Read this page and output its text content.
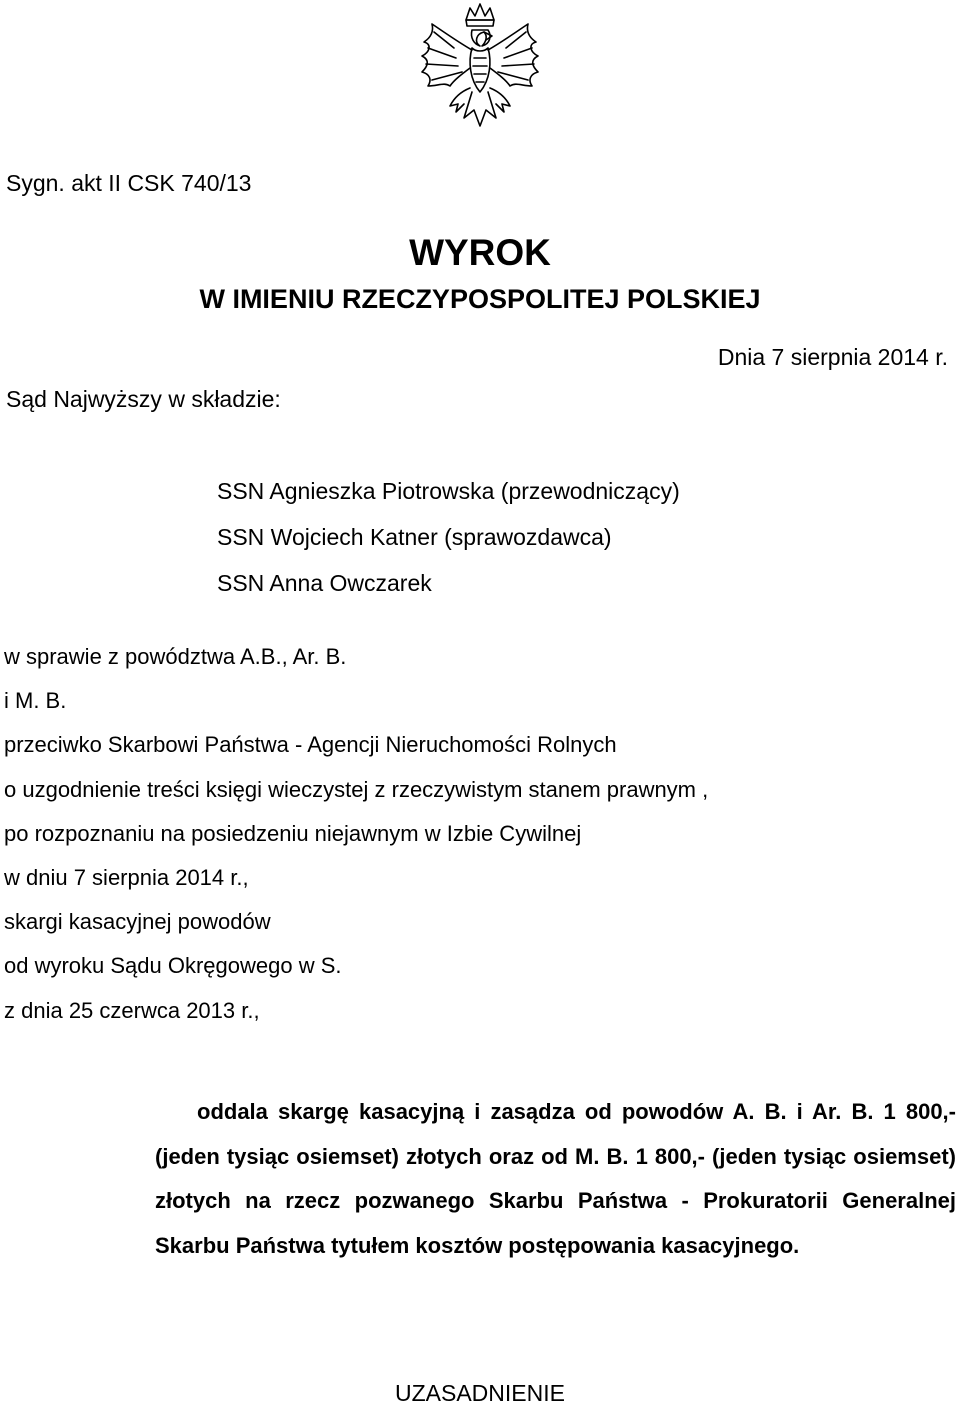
Sygn. akt II CSK 740/13
WYROK
W IMIENIU RZECZYPOSPOLITEJ POLSKIEJ
Dnia 7 sierpnia 2014 r.
Sąd Najwyższy w składzie:
SSN Agnieszka Piotrowska (przewodniczący)
SSN Wojciech Katner (sprawozdawca)
SSN Anna Owczarek
w sprawie z powództwa A.B., Ar. B.
i M. B.
przeciwko Skarbowi Państwa - Agencji Nieruchomości Rolnych
o uzgodnienie treści księgi wieczystej z rzeczywistym stanem prawnym ,
po rozpoznaniu na posiedzeniu niejawnym w Izbie Cywilnej
w dniu 7 sierpnia 2014 r.,
skargi kasacyjnej powodów
od wyroku Sądu Okręgowego w S.
z dnia 25 czerwca 2013 r.,
oddala skargę kasacyjną i zasądza od powodów A. B. i Ar. B. 1 800,- (jeden tysiąc osiemset) złotych oraz od M. B. 1 800,- (jeden tysiąc osiemset) złotych na rzecz pozwanego Skarbu Państwa - Prokuratorii Generalnej Skarbu Państwa tytułem kosztów postępowania kasacyjnego.
UZASADNIENIE
